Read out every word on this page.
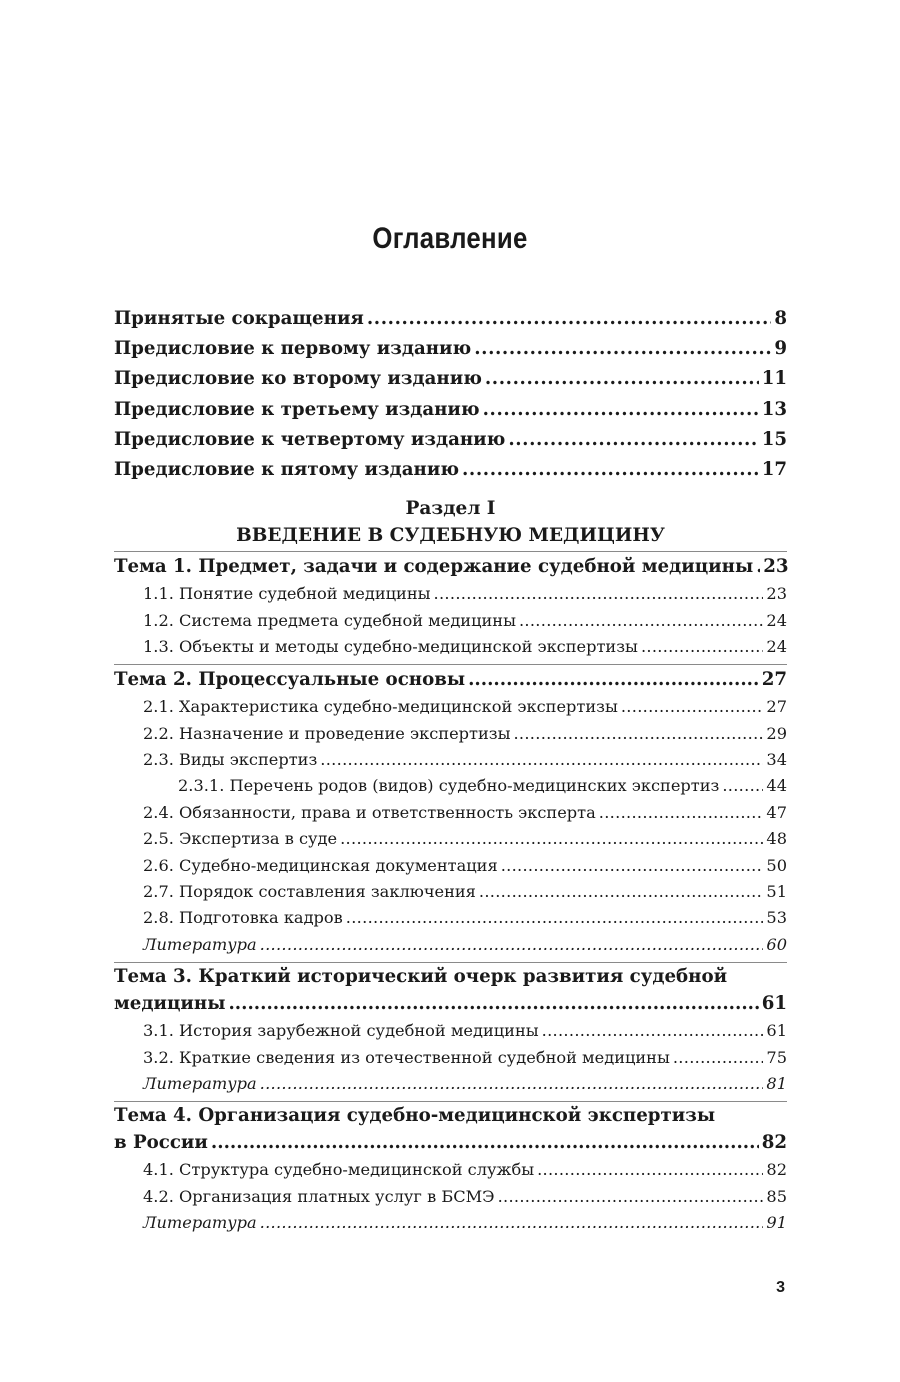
Оглавление
Принятые сокращения .....	8
Предисловие к первому изданию .....	9
Предисловие ко второму изданию .....	11
Предисловие к третьему изданию .....	13
Предисловие к четвертому изданию .....	15
Предисловие к пятому изданию .....	17
Раздел I
ВВЕДЕНИЕ В СУДЕБНУЮ МЕДИЦИНУ
Тема 1. Предмет, задачи и содержание судебной медицины ..... 23
1.1. Понятие судебной медицины .....	23
1.2. Система предмета судебной медицины .....	24
1.3. Объекты и методы судебно-медицинской экспертизы .....	24
Тема 2. Процессуальные основы .....	27
2.1. Характеристика судебно-медицинской экспертизы .....	27
2.2. Назначение и проведение экспертизы .....	29
2.3. Виды экспертиз .....	34
2.3.1. Перечень родов (видов) судебно-медицинских экспертиз .....	44
2.4. Обязанности, права и ответственность эксперта .....	47
2.5. Экспертиза в суде .....	48
2.6. Судебно-медицинская документация .....	50
2.7. Порядок составления заключения .....	51
2.8. Подготовка кадров .....	53
Литература .....	60
Тема 3. Краткий исторический очерк развития судебной
медицины .....	61
3.1. История зарубежной судебной медицины .....	61
3.2. Краткие сведения из отечественной судебной медицины .....	75
Литература .....	81
Тема 4. Организация судебно-медицинской экспертизы
в России .....	82
4.1. Структура судебно-медицинской службы .....	82
4.2. Организация платных услуг в БСМЭ .....	85
Литература .....	91
3
